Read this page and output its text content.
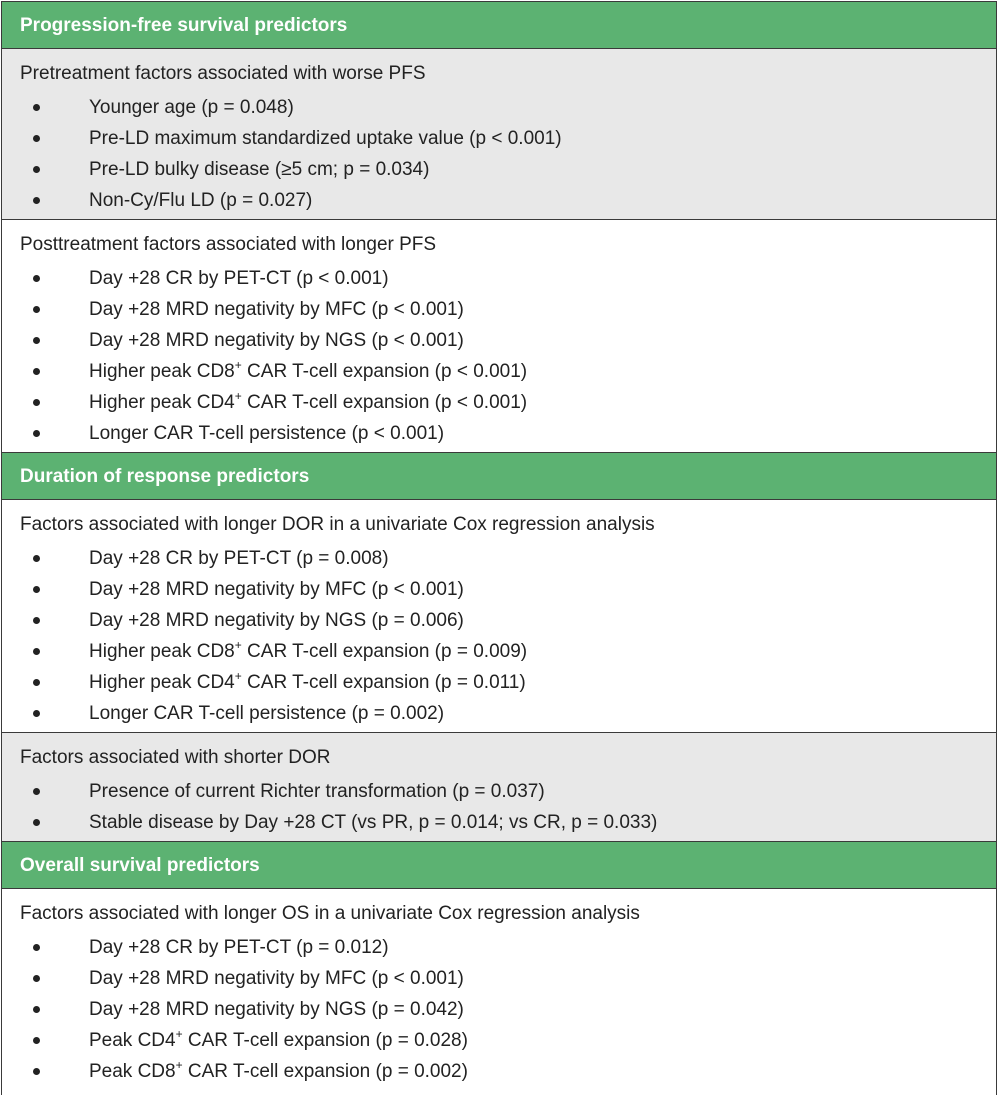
Progression-free survival predictors
Pretreatment factors associated with worse PFS
Younger age (p = 0.048)
Pre-LD maximum standardized uptake value (p < 0.001)
Pre-LD bulky disease (≥5 cm; p = 0.034)
Non-Cy/Flu LD (p = 0.027)
Posttreatment factors associated with longer PFS
Day +28 CR by PET-CT (p < 0.001)
Day +28 MRD negativity by MFC (p < 0.001)
Day +28 MRD negativity by NGS (p < 0.001)
Higher peak CD8+ CAR T-cell expansion (p < 0.001)
Higher peak CD4+ CAR T-cell expansion (p < 0.001)
Longer CAR T-cell persistence (p < 0.001)
Duration of response predictors
Factors associated with longer DOR in a univariate Cox regression analysis
Day +28 CR by PET-CT (p = 0.008)
Day +28 MRD negativity by MFC (p < 0.001)
Day +28 MRD negativity by NGS (p = 0.006)
Higher peak CD8+ CAR T-cell expansion (p = 0.009)
Higher peak CD4+ CAR T-cell expansion (p = 0.011)
Longer CAR T-cell persistence (p = 0.002)
Factors associated with shorter DOR
Presence of current Richter transformation (p = 0.037)
Stable disease by Day +28 CT (vs PR, p = 0.014; vs CR, p = 0.033)
Overall survival predictors
Factors associated with longer OS in a univariate Cox regression analysis
Day +28 CR by PET-CT (p = 0.012)
Day +28 MRD negativity by MFC (p < 0.001)
Day +28 MRD negativity by NGS (p = 0.042)
Peak CD4+ CAR T-cell expansion (p = 0.028)
Peak CD8+ CAR T-cell expansion (p = 0.002)
